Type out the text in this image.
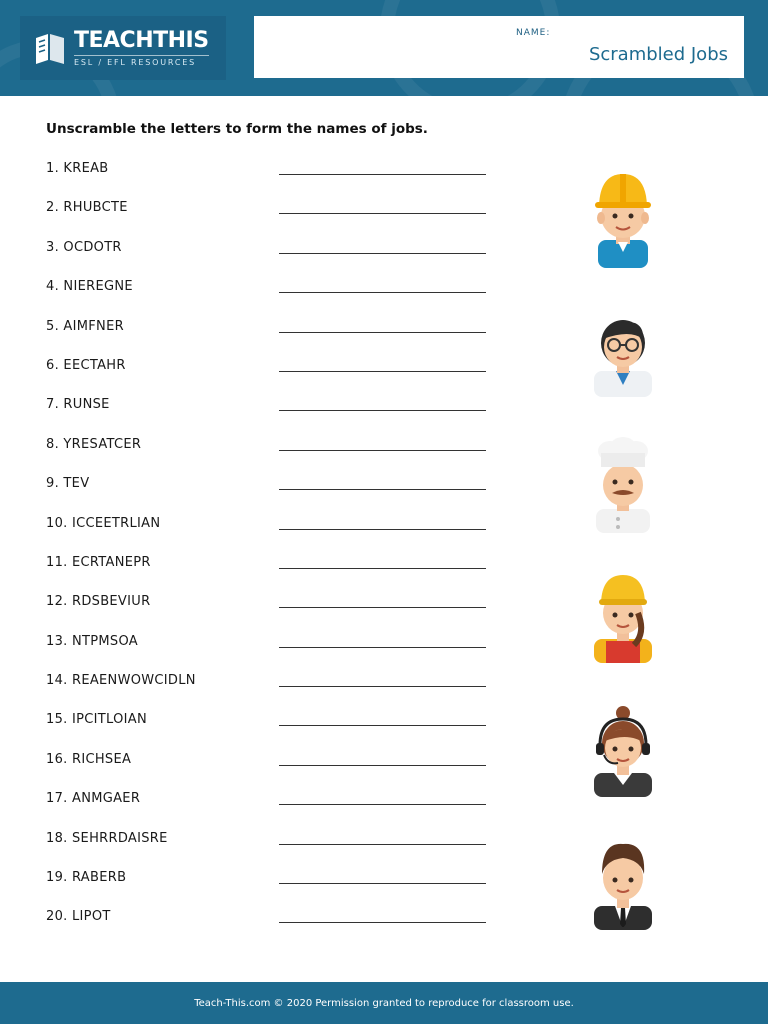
TEACHTHIS
ESL / EFL RESOURCES
NAME:
Scrambled Jobs
Unscramble the letters to form the names of jobs.
1. KREAB
2. RHUBCTE
3. OCDOTR
4. NIEREGNE
5. AIMFNER
6. EECTAHR
7. RUNSE
8. YRESATCER
9. TEV
10. ICCEETRLIAN
11. ECRTANEPR
12. RDSBEVIUR
13. NTPMSOA
14. REAENWOWCIDLN
15. IPCITLOIAN
16. RICHSEA
17. ANMGAER
18. SEHRRDAISRE
19. RABERB
20. LIPOT
Teach-This.com © 2020 Permission granted to reproduce for classroom use.
